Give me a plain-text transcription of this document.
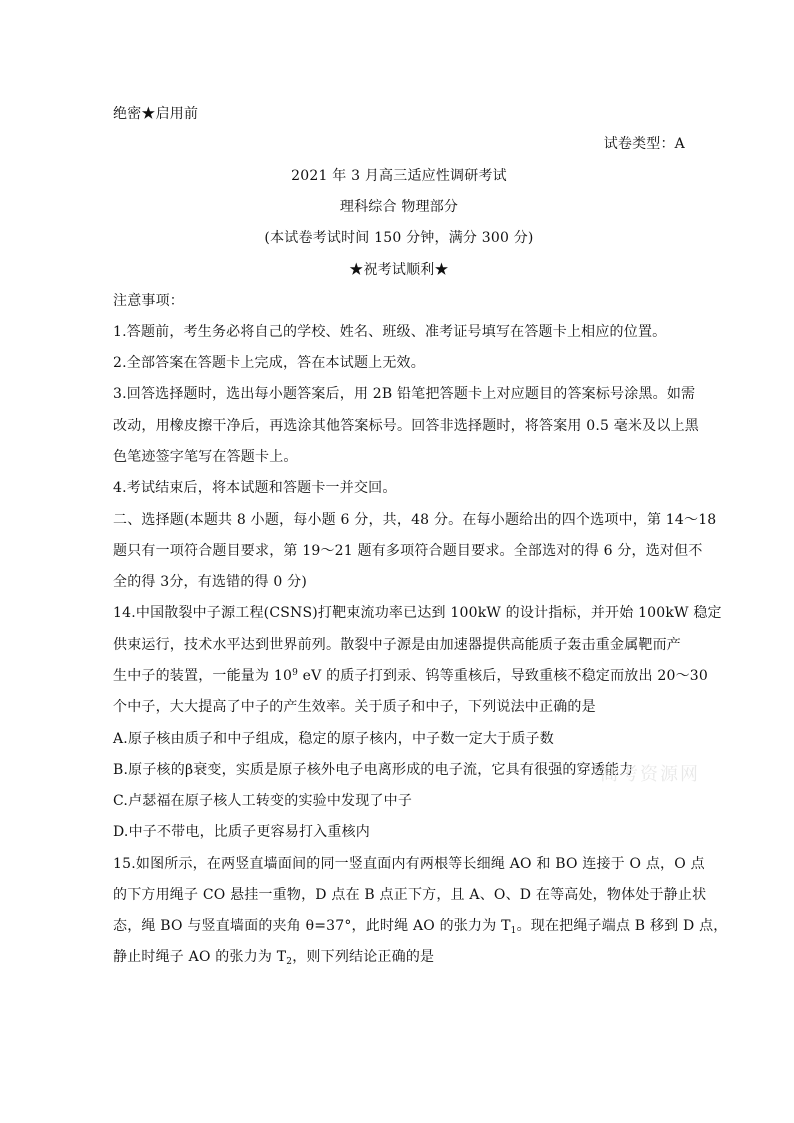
绝密★启用前
试卷类型：A
2021 年 3 月高三适应性调研考试
理科综合 物理部分
(本试卷考试时间 150 分钟，满分 300 分)
★祝考试顺利★
注意事项：
1.答题前，考生务必将自己的学校、姓名、班级、准考证号填写在答题卡上相应的位置。
2.全部答案在答题卡上完成，答在本试题上无效。
3.回答选择题时，选出每小题答案后，用 2B 铅笔把答题卡上对应题目的答案标号涂黑。如需
改动，用橡皮擦干净后，再选涂其他答案标号。回答非选择题时，将答案用 0.5 毫米及以上黑
色笔迹签字笔写在答题卡上。
4.考试结束后，将本试题和答题卡一并交回。
二、选择题(本题共 8 小题，每小题 6 分，共，48 分。在每小题给出的四个选项中，第 14～18
题只有一项符合题目要求，第 19～21 题有多项符合题目要求。全部选对的得 6 分，选对但不
全的得 3分，有选错的得 0 分)
14.中国散裂中子源工程(CSNS)打靶束流功率已达到 100kW 的设计指标，并开始 100kW 稳定
供束运行，技术水平达到世界前列。散裂中子源是由加速器提供高能质子轰击重金属靶而产
生中子的装置，一能量为 $10^9$ eV 的质子打到汞、钨等重核后，导致重核不稳定而放出 20～30
个中子，大大提高了中子的产生效率。关于质子和中子，下列说法中正确的是
A.原子核由质子和中子组成，稳定的原子核内，中子数一定大于质子数
B.原子核的β衰变，实质是原子核外电子电离形成的电子流，它具有很强的穿透能力
C.卢瑟福在原子核人工转变的实验中发现了中子
D.中子不带电，比质子更容易打入重核内
15.如图所示，在两竖直墙面间的同一竖直面内有两根等长细绳 AO 和 BO 连接于 O 点，O 点
的下方用绳子 CO 悬挂一重物，D 点在 B 点正下方，且 A、O、D 在等高处，物体处于静止状
态，绳 BO 与竖直墙面的夹角 θ=37°，此时绳 AO 的张力为 $T_1$。现在把绳子端点 B 移到 D 点，
静止时绳子 AO 的张力为 $T_2$，则下列结论正确的是
高考资源网
